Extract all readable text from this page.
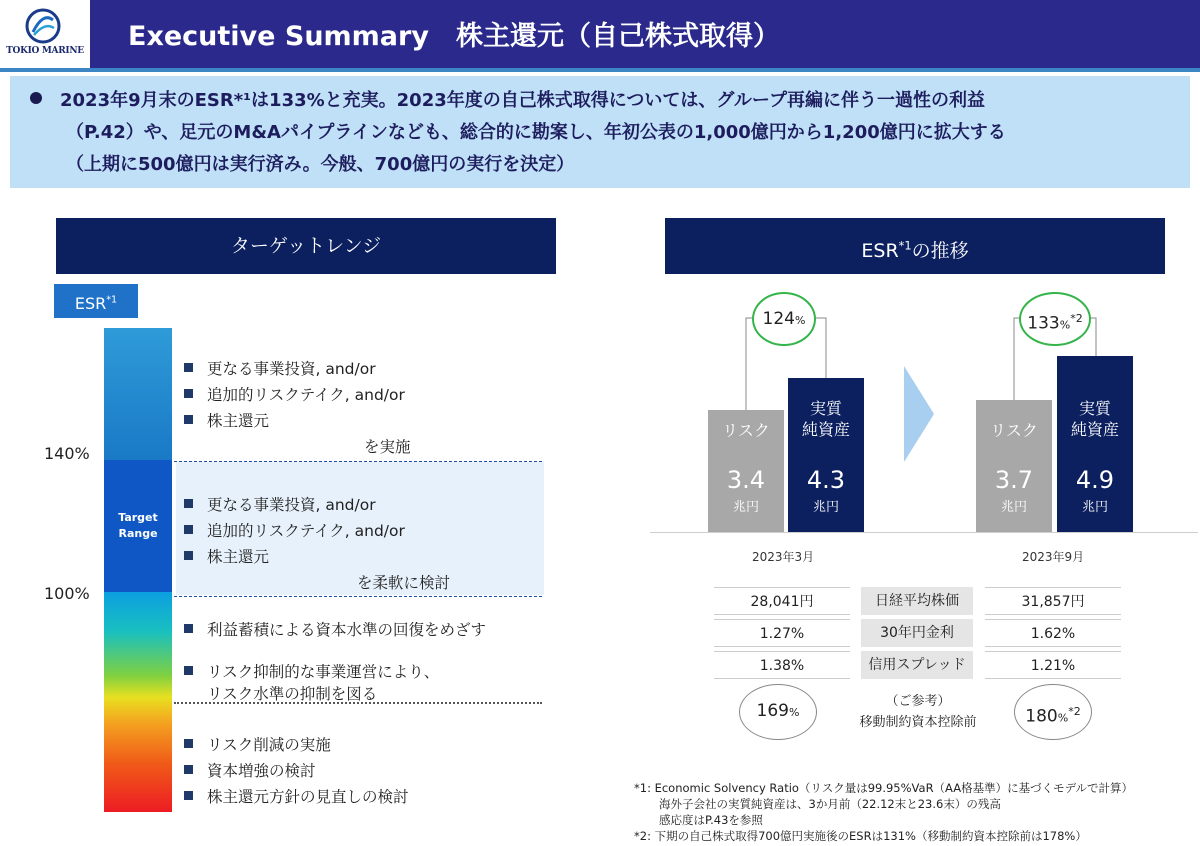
TOKIO MARINE Executive Summary　株主還元（自己株式取得）
2023年9月末のESR*¹は133%と充実。2023年度の自己株式取得については、グループ再編に伴う一過性の利益
（P.42）や、足元のM&Aパイプラインなども、総合的に勘案し、年初公表の1,000億円から1,200億円に拡大する
（上期に500億円は実行済み。今般、700億円の実行を決定）
ターゲットレンジ	ESR$^{*1}$の推移
ESR$^{*1}$
Target
Range
140%
100%
更なる事業投資, and/or
追加的リスクテイク, and/or
株主還元
を実施
更なる事業投資, and/or
追加的リスクテイク, and/or
株主還元
を柔軟に検討
利益蓄積による資本水準の回復をめざす
リスク抑制的な事業運営により、
リスク水準の抑制を図る
リスク削減の実施
資本増強の検討
株主還元方針の見直しの検討
124%	133%$^{*2}$
リスク
3.4
兆円
実質
純資産
4.3
兆円
リスク
3.7
兆円
実質
純資産
4.9
兆円
2023年3月	2023年9月
28,041円	日経平均株価	31,857円
1.27%	30年円金利	1.62%
1.38%	信用スプレッド	1.21%
169%	180%$^{*2}$
（ご参考）
移動制約資本控除前
*1: Economic Solvency Ratio（リスク量は99.95%VaR（AA格基準）に基づくモデルで計算）
海外子会社の実質純資産は、3か月前（22.12末と23.6末）の残高
感応度はP.43を参照
*2: 下期の自己株式取得700億円実施後のESRは131%（移動制約資本控除前は178%）
